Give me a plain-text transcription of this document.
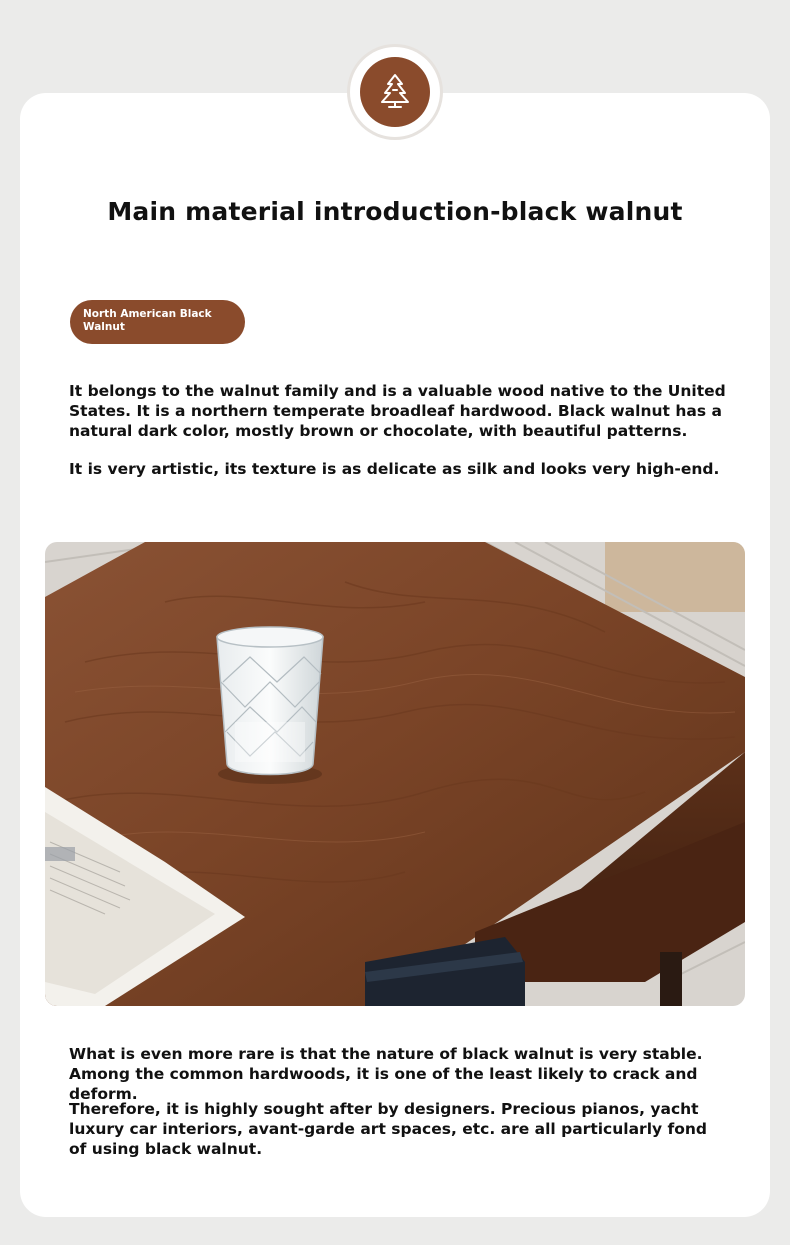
Main material introduction-black walnut
North American Black Walnut

It belongs to the walnut family and is a valuable wood native to the United States. It is a northern temperate broadleaf hardwood. Black walnut has a natural dark color, mostly brown or chocolate, with beautiful patterns.

It is very artistic, its texture is as delicate as silk and looks very high-end.

What is even more rare is that the nature of black walnut is very stable. Among the common hardwoods, it is one of the least likely to crack and deform.

Therefore, it is highly sought after by designers. Precious pianos, yacht luxury car interiors, avant-garde art spaces, etc. are all particularly fond of using black walnut.
